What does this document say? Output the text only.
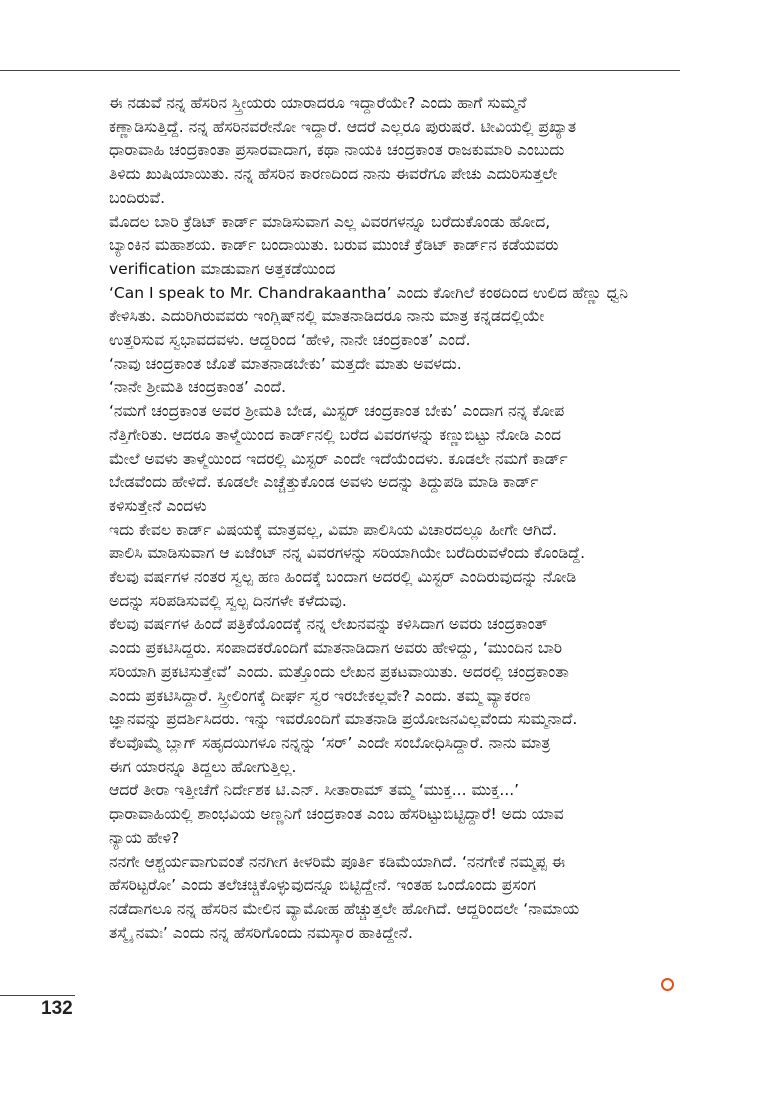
ಈ ನಡುವೆ ನನ್ನ ಹೆಸರಿನ ಸ್ತ್ರೀಯರು ಯಾರಾದರೂ ಇದ್ದಾರೆಯೇ? ಎಂದು ಹಾಗೆ ಸುಮ್ಮನೆ
ಕಣ್ಣಾಡಿಸುತ್ತಿದ್ದೆ. ನನ್ನ ಹೆಸರಿನವರೇನೋ ಇದ್ದಾರೆ. ಆದರೆ ಎಲ್ಲರೂ ಪುರುಷರೆ. ಟೀವಿಯಲ್ಲಿ ಪ್ರಖ್ಯಾತ
ಧಾರಾವಾಹಿ ಚಂದ್ರಕಾಂತಾ ಪ್ರಸಾರವಾದಾಗ, ಕಥಾ ನಾಯಕಿ ಚಂದ್ರಕಾಂತ ರಾಜಕುಮಾರಿ ಎಂಬುದು
ತಿಳಿದು ಖುಷಿಯಾಯಿತು. ನನ್ನ ಹೆಸರಿನ ಕಾರಣದಿಂದ ನಾನು ಈವರೆಗೂ ಪೇಚು ಎದುರಿಸುತ್ತಲೇ
ಬಂದಿರುವೆ.

ಮೊದಲ ಬಾರಿ ಕ್ರೆಡಿಟ್ ಕಾರ್ಡ್ ಮಾಡಿಸುವಾಗ ಎಲ್ಲ ವಿವರಗಳನ್ನೂ ಬರೆದುಕೊಂಡು ಹೋದ,
ಬ್ಯಾಂಕಿನ ಮಹಾಶಯ. ಕಾರ್ಡ್ ಬಂದಾಯಿತು. ಬರುವ ಮುಂಚೆ ಕ್ರೆಡಿಟ್ ಕಾರ್ಡ್‌ನ ಕಡೆಯವರು
verification ಮಾಡುವಾಗ ಅತ್ತಕಡೆಯಿಂದ

‘Can I speak to Mr. Chandrakaantha’ ಎಂದು ಕೋಗಿಲೆ ಕಂಠದಿಂದ ಉಲಿದ ಹೆಣ್ಣು ಧ್ವನಿ
ಕೇಳಿಸಿತು. ಎದುರಿಗಿರುವವರು ಇಂಗ್ಲಿಷ್‌ನಲ್ಲಿ ಮಾತನಾಡಿದರೂ ನಾನು ಮಾತ್ರ ಕನ್ನಡದಲ್ಲಿಯೇ
ಉತ್ತರಿಸುವ ಸ್ವಭಾವದವಳು. ಆದ್ದರಿಂದ ‘ಹೇಳಿ, ನಾನೇ ಚಂದ್ರಕಾಂತ’ ಎಂದೆ.

‘ನಾವು ಚಂದ್ರಕಾಂತ ಜೊತೆ ಮಾತನಾಡಬೇಕು’ ಮತ್ತದೇ ಮಾತು ಅವಳದು.

‘ನಾನೇ ಶ್ರೀಮತಿ ಚಂದ್ರಕಾಂತ’ ಎಂದೆ.

‘ನಮಗೆ ಚಂದ್ರಕಾಂತ ಅವರ ಶ್ರೀಮತಿ ಬೇಡ, ಮಿಸ್ಟರ್ ಚಂದ್ರಕಾಂತ ಬೇಕು’ ಎಂದಾಗ ನನ್ನ ಕೋಪ
ನೆತ್ತಿಗೇರಿತು. ಆದರೂ ತಾಳ್ಮೆಯಿಂದ ಕಾರ್ಡ್‌ನಲ್ಲಿ ಬರೆದ ವಿವರಗಳನ್ನು ಕಣ್ಣುಬಿಟ್ಟು ನೋಡಿ ಎಂದ
ಮೇಲೆ ಅವಳು ತಾಳ್ಮೆಯಿಂದ ಇದರಲ್ಲಿ ಮಿಸ್ಟರ್ ಎಂದೇ ಇದೆಯೆಂದಳು. ಕೂಡಲೇ ನಮಗೆ ಕಾರ್ಡ್
ಬೇಡವೆಂದು ಹೇಳಿದೆ. ಕೂಡಲೇ ಎಚ್ಚೆತ್ತುಕೊಂಡ ಅವಳು ಅದನ್ನು ತಿದ್ದುಪಡಿ ಮಾಡಿ ಕಾರ್ಡ್
ಕಳಿಸುತ್ತೇನೆ ಎಂದಳು

ಇದು ಕೇವಲ ಕಾರ್ಡ್ ವಿಷಯಕ್ಕೆ ಮಾತ್ರವಲ್ಲ, ವಿಮಾ ಪಾಲಿಸಿಯ ವಿಚಾರದಲ್ಲೂ ಹೀಗೇ ಆಗಿದೆ.
ಪಾಲಿಸಿ ಮಾಡಿಸುವಾಗ ಆ ಏಜೆಂಟ್ ನನ್ನ ವಿವರಗಳನ್ನು ಸರಿಯಾಗಿಯೇ ಬರೆದಿರುವಳೆಂದು ಕೊಂಡಿದ್ದೆ.
ಕೆಲವು ವರ್ಷಗಳ ನಂತರ ಸ್ವಲ್ಪ ಹಣ ಹಿಂದಕ್ಕೆ ಬಂದಾಗ ಅದರಲ್ಲಿ ಮಿಸ್ಟರ್ ಎಂದಿರುವುದನ್ನು ನೋಡಿ
ಅದನ್ನು ಸರಿಪಡಿಸುವಲ್ಲಿ ಸ್ವಲ್ಪ ದಿನಗಳೇ ಕಳೆದುವು.

ಕೆಲವು ವರ್ಷಗಳ ಹಿಂದೆ ಪತ್ರಿಕೆಯೊಂದಕ್ಕೆ ನನ್ನ ಲೇಖನವನ್ನು ಕಳಿಸಿದಾಗ ಅವರು ಚಂದ್ರಕಾಂತ್
ಎಂದು ಪ್ರಕಟಿಸಿದ್ದರು. ಸಂಪಾದಕರೊಂದಿಗೆ ಮಾತನಾಡಿದಾಗ ಅವರು ಹೇಳಿದ್ದು, ‘ಮುಂದಿನ ಬಾರಿ
ಸರಿಯಾಗಿ ಪ್ರಕಟಿಸುತ್ತೇವೆ’ ಎಂದು. ಮತ್ತೊಂದು ಲೇಖನ ಪ್ರಕಟವಾಯಿತು. ಅದರಲ್ಲಿ ಚಂದ್ರಕಾಂತಾ
ಎಂದು ಪ್ರಕಟಿಸಿದ್ದಾರೆ. ಸ್ತ್ರೀಲಿಂಗಕ್ಕೆ ದೀರ್ಘ ಸ್ವರ ಇರಬೇಕಲ್ಲವೇ? ಎಂದು. ತಮ್ಮ ವ್ಯಾಕರಣ
ಜ್ಞಾನವನ್ನು ಪ್ರದರ್ಶಿಸಿದರು. ಇನ್ನು ಇವರೊಂದಿಗೆ ಮಾತನಾಡಿ ಪ್ರಯೋಜನವಿಲ್ಲವೆಂದು ಸುಮ್ಮನಾದೆ.

ಕೆಲವೊಮ್ಮೆ ಬ್ಲಾಗ್ ಸಹೃದಯಿಗಳೂ ನನ್ನನ್ನು ‘ಸರ್’ ಎಂದೇ ಸಂಬೋಧಿಸಿದ್ದಾರೆ. ನಾನು ಮಾತ್ರ
ಈಗ ಯಾರನ್ನೂ ತಿದ್ದಲು ಹೋಗುತ್ತಿಲ್ಲ.

ಆದರೆ ತೀರಾ ಇತ್ತೀಚೆಗೆ ನಿರ್ದೇಶಕ ಟಿ.ಎನ್. ಸೀತಾರಾಮ್ ತಮ್ಮ ‘ಮುಕ್ತ... ಮುಕ್ತ...’
ಧಾರಾವಾಹಿಯಲ್ಲಿ ಶಾಂಭವಿಯ ಅಣ್ಣನಿಗೆ ಚಂದ್ರಕಾಂತ ಎಂಬ ಹೆಸರಿಟ್ಟುಬಿಟ್ಟಿದ್ದಾರೆ! ಅದು ಯಾವ
ನ್ಯಾಯ ಹೇಳಿ?

ನನಗೇ ಆಶ್ಚರ್ಯವಾಗುವಂತೆ ನನಗೀಗ ಕೀಳರಿಮೆ ಪೂರ್ತಿ ಕಡಿಮೆಯಾಗಿದೆ. ‘ನನಗೇಕೆ ನಮ್ಮಪ್ಪ ಈ
ಹೆಸರಿಟ್ಟರೋ’ ಎಂದು ತಲೆಚಚ್ಚಿಕೊಳ್ಳುವುದನ್ನೂ ಬಿಟ್ಟಿದ್ದೇನೆ. ಇಂತಹ ಒಂದೊಂದು ಪ್ರಸಂಗ
ನಡೆದಾಗಲೂ ನನ್ನ ಹೆಸರಿನ ಮೇಲಿನ ವ್ಯಾಮೋಹ ಹೆಚ್ಚುತ್ತಲೇ ಹೋಗಿದೆ. ಆದ್ದರಿಂದಲೇ ‘ನಾಮಾಯ
ತಸ್ಮೈ ನಮಃ’ ಎಂದು ನನ್ನ ಹೆಸರಿಗೊಂದು ನಮಸ್ಕಾರ ಹಾಕಿದ್ದೇನೆ.

132
